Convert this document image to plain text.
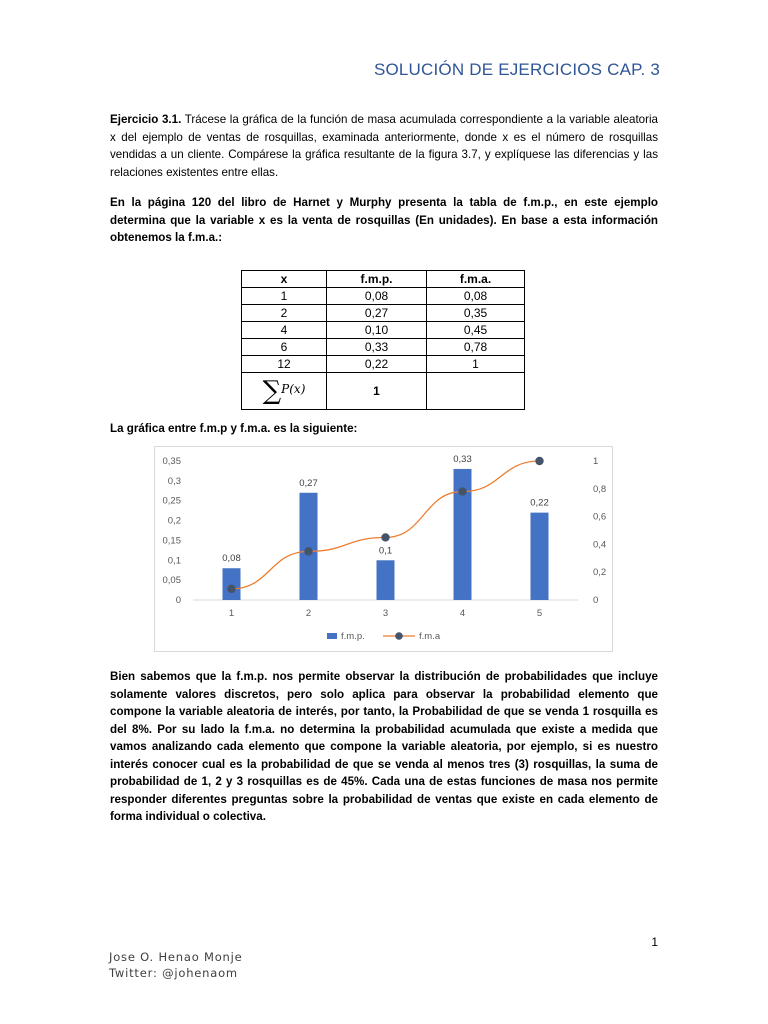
SOLUCIÓN DE EJERCICIOS CAP. 3

Ejercicio 3.1. Trácese la gráfica de la función de masa acumulada correspondiente a la variable aleatoria x del ejemplo de ventas de rosquillas, examinada anteriormente, donde x es el número de rosquillas vendidas a un cliente. Compárese la gráfica resultante de la figura 3.7, y explíquese las diferencias y las relaciones existentes entre ellas.

En la página 120 del libro de Harnet y Murphy presenta la tabla de f.m.p., en este ejemplo determina que la variable x es la venta de rosquillas (En unidades). En base a esta información obtenemos la f.m.a.:

x	f.m.p.	f.m.a.
1	0,08	0,08
2	0,27	0,35
4	0,10	0,45
6	0,33	0,78
12	0,22	1
∑P(x)	1	

La gráfica entre f.m.p y f.m.a. es la siguiente:

0
0,05
0,1
0,15
0,2
0,25
0,3
0,35
0
0,2
0,4
0,6
0,8
1
1	2	3	4	5
0,08
0,27
0,1
0,33
0,22
f.m.p.	f.m.a

Bien sabemos que la f.m.p. nos permite observar la distribución de probabilidades que incluye solamente valores discretos, pero solo aplica para observar la probabilidad elemento que compone la variable aleatoria de interés, por tanto, la Probabilidad de que se venda 1 rosquilla es del 8%. Por su lado la f.m.a. no determina la probabilidad acumulada que existe a medida que vamos analizando cada elemento que compone la variable aleatoria, por ejemplo, si es nuestro interés conocer cual es la probabilidad de que se venda al menos tres (3) rosquillas, la suma de probabilidad de 1, 2 y 3 rosquillas es de 45%. Cada una de estas funciones de masa nos permite responder diferentes preguntas sobre la probabilidad de ventas que existe en cada elemento de forma individual o colectiva.

1
Jose O. Henao Monje
Twitter: @johenaom
